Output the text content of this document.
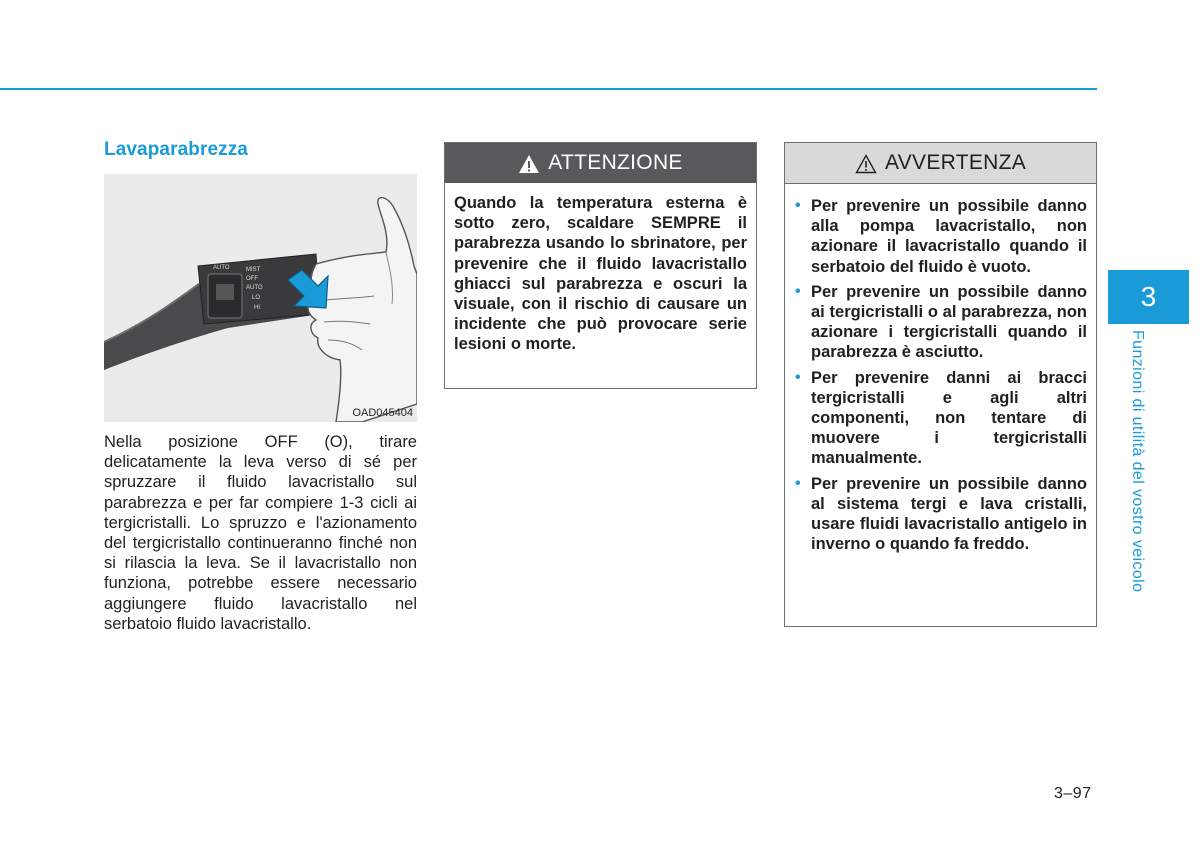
Lavaparabrezza
AUTO	MIST
OFF
AUTO
LO
HI
OAD045404
Nella posizione OFF (O), tirare delicatamente la leva verso di sé per spruzzare il fluido lavacristallo sul parabrezza e per far compiere 1-3 cicli ai tergicristalli. Lo spruzzo e l'azionamento del tergicristallo continueranno finché non si rilascia la leva. Se il lavacristallo non funziona, potrebbe essere necessario aggiungere fluido lavacristallo nel serbatoio fluido lavacristallo.
ATTENZIONE
Quando la temperatura esterna è sotto zero, scaldare SEMPRE il parabrezza usando lo sbrinatore, per prevenire che il fluido lavacristallo ghiacci sul parabrezza e oscuri la visuale, con il rischio di causare un incidente che può provocare serie lesioni o morte.
AVVERTENZA
• Per prevenire un possibile danno alla pompa lavacristallo, non azionare il lavacristallo quando il serbatoio del fluido è vuoto.
• Per prevenire un possibile danno ai tergicristalli o al parabrezza, non azionare i tergicristalli quando il parabrezza è asciutto.
• Per prevenire danni ai bracci tergicristalli e agli altri componenti, non tentare di muovere i tergicristalli manualmente.
• Per prevenire un possibile danno al sistema tergi e lava cristalli, usare fluidi lavacristallo antigelo in inverno o quando fa freddo.
3
Funzioni di utilità del vostro veicolo
3–97
